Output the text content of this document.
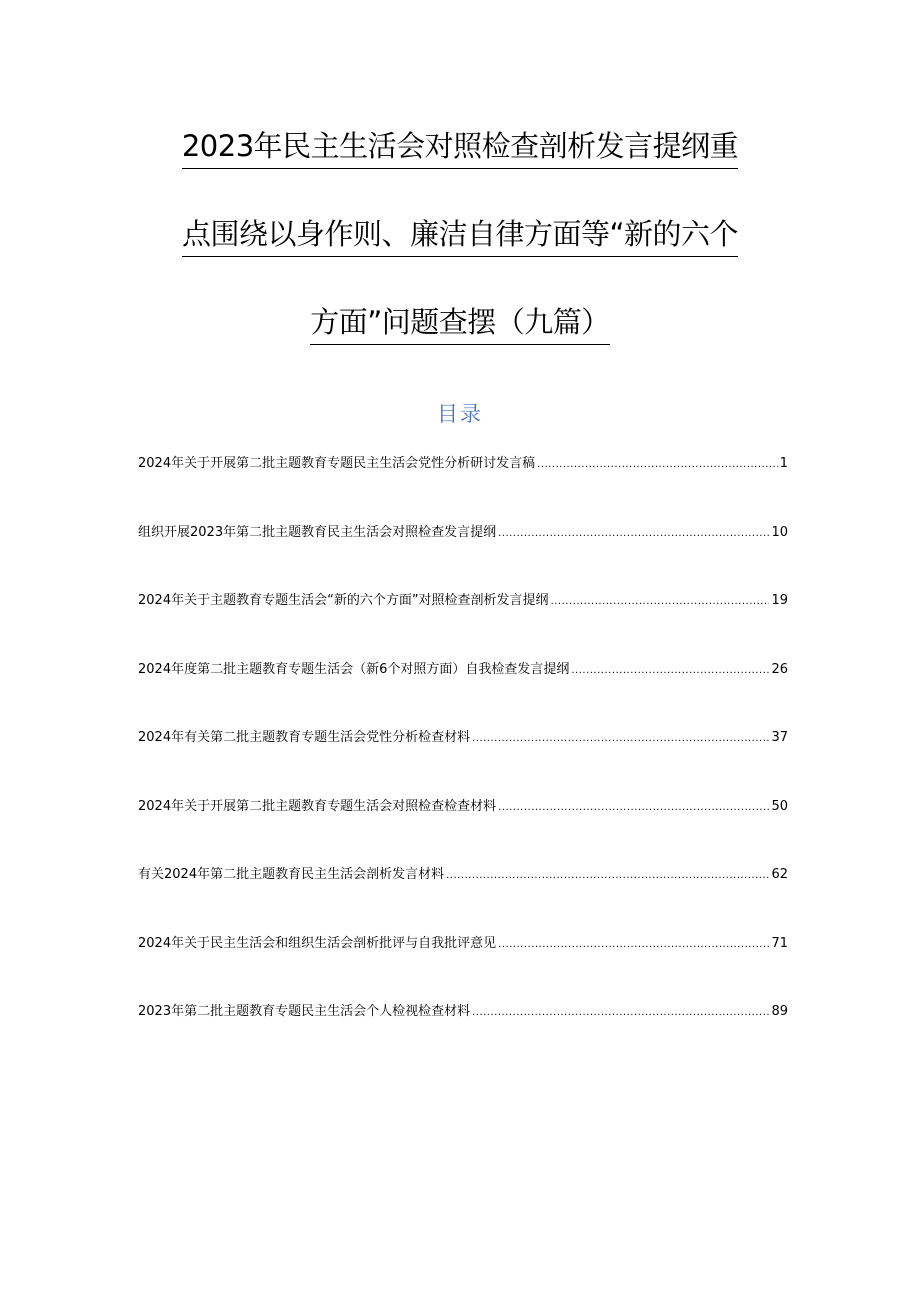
2023年民主生活会对照检查剖析发言提纲重
点围绕以身作则、廉洁自律方面等“新的六个
方面”问题查摆（九篇）
目录
2024年关于开展第二批主题教育专题民主生活会党性分析研讨发言稿 .....	1
组织开展2023年第二批主题教育民主生活会对照检查发言提纲 .....	10
2024年关于主题教育专题生活会“新的六个方面”对照检查剖析发言提纲 .....	19
2024年度第二批主题教育专题生活会（新6个对照方面）自我检查发言提纲 .....	26
2024年有关第二批主题教育专题生活会党性分析检查材料 .....	37
2024年关于开展第二批主题教育专题生活会对照检查检查材料 .....	50
有关2024年第二批主题教育民主生活会剖析发言材料 .....	62
2024年关于民主生活会和组织生活会剖析批评与自我批评意见 .....	71
2023年第二批主题教育专题民主生活会个人检视检查材料 .....	89
